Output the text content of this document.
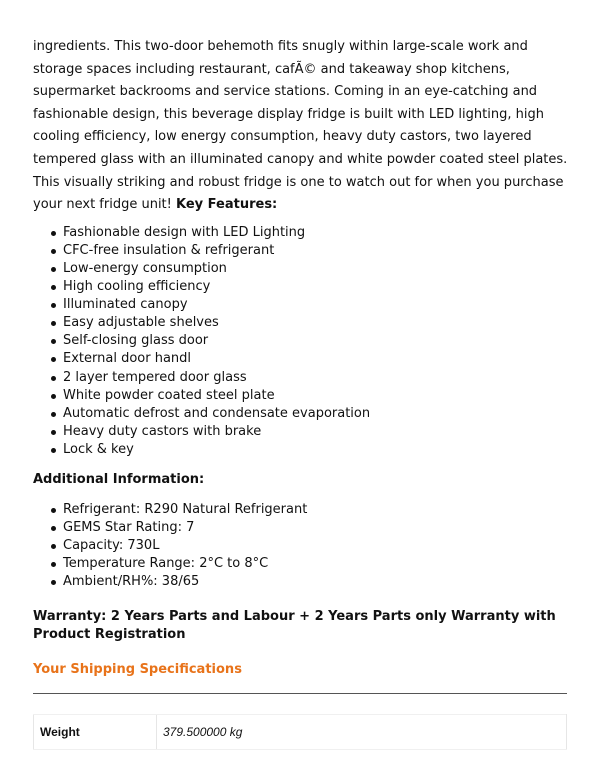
ingredients. This two-door behemoth fits snugly within large-scale work and storage spaces including restaurant, cafÃ© and takeaway shop kitchens, supermarket backrooms and service stations. Coming in an eye-catching and fashionable design, this beverage display fridge is built with LED lighting, high cooling efficiency, low energy consumption, heavy duty castors, two layered tempered glass with an illuminated canopy and white powder coated steel plates. This visually striking and robust fridge is one to watch out for when you purchase your next fridge unit! Key Features:

Fashionable design with LED Lighting
CFC-free insulation & refrigerant
Low-energy consumption
High cooling efficiency
Illuminated canopy
Easy adjustable shelves
Self-closing glass door
External door handl
2 layer tempered door glass
White powder coated steel plate
Automatic defrost and condensate evaporation
Heavy duty castors with brake
Lock & key
Additional Information:
Refrigerant: R290 Natural Refrigerant
GEMS Star Rating: 7
Capacity: 730L
Temperature Range: 2°C to 8°C
Ambient/RH%: 38/65
Warranty: 2 Years Parts and Labour + 2 Years Parts only Warranty with Product Registration
Your Shipping Specifications
Weight	379.500000 kg
